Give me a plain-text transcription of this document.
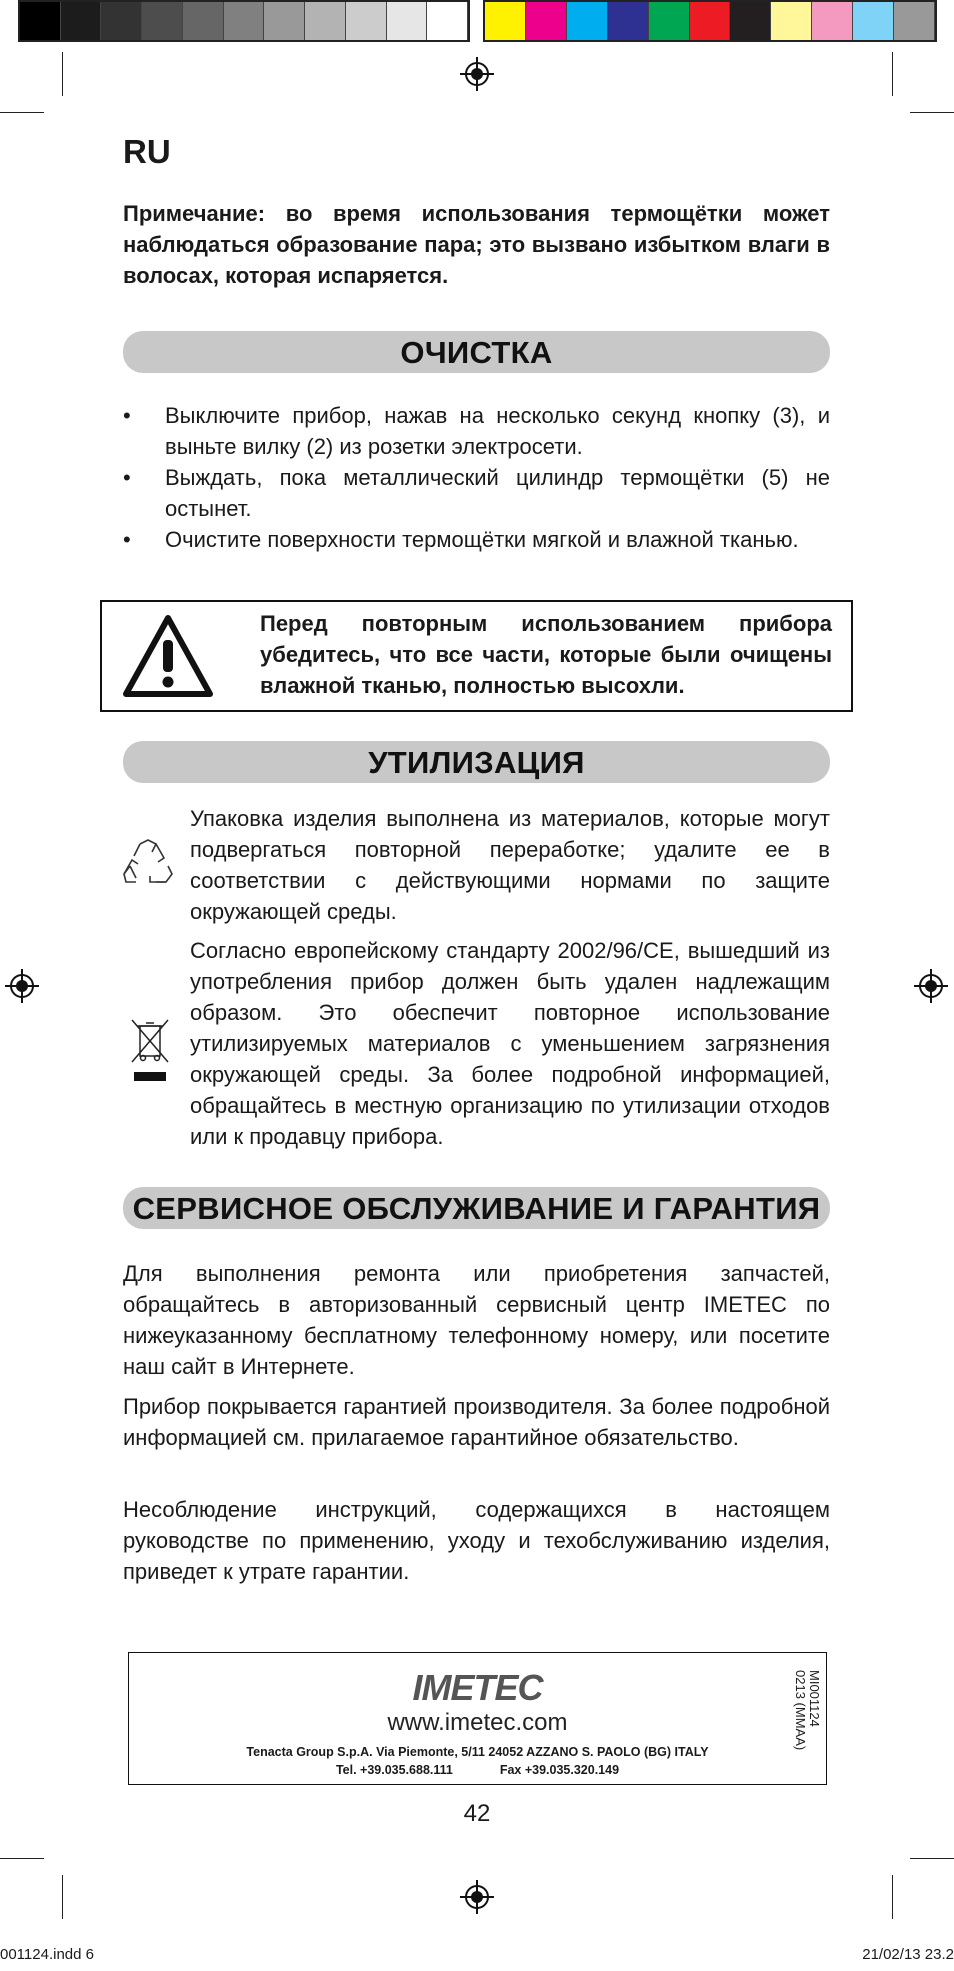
RU
Примечание: во время использования термощётки может наблюдаться образование пара; это вызвано избытком влаги в волосах, которая испаряется.
ОЧИСТКА
•	Выключите прибор, нажав на несколько секунд кнопку (3), и выньте вилку (2) из розетки электросети.
•	Выждать, пока металлический цилиндр термощётки (5) не остынет.
•	Очистите поверхности термощётки мягкой и влажной тканью.
Перед повторным использованием прибора убедитесь, что все части, которые были очищены влажной тканью, полностью высохли.
УТИЛИЗАЦИЯ
Упаковка изделия выполнена из материалов, которые могут подвергаться повторной переработке; удалите ее в соответствии с действующими нормами по защите окружающей среды.
Согласно европейскому стандарту 2002/96/CE, вышедший из употребления прибор должен быть удален надлежащим образом. Это обеспечит повторное использование утилизируемых материалов с уменьшением загрязнения окружающей среды. За более подробной информацией, обращайтесь в местную организацию по утилизации отходов или к продавцу прибора.
СЕРВИСНОЕ ОБСЛУЖИВАНИЕ И ГАРАНТИЯ
Для выполнения ремонта или приобретения запчастей, обращайтесь в авторизованный сервисный центр IMETEC по нижеуказанному бесплатному телефонному номеру, или посетите наш сайт в Интернете.
Прибор покрывается гарантией производителя. За более подробной информацией см. прилагаемое гарантийное обязательство.
Несоблюдение инструкций, содержащихся в настоящем руководстве по применению, уходу и техобслуживанию изделия, приведет к утрате гарантии.
IMETEC
www.imetec.com
Tenacta Group S.p.A. Via Piemonte, 5/11 24052 AZZANO S. PAOLO (BG) ITALY
Tel. +39.035.688.111	Fax +39.035.320.149
MI001124
0213 (MMAA)
42
001124.indd 6	21/02/13 23.2
